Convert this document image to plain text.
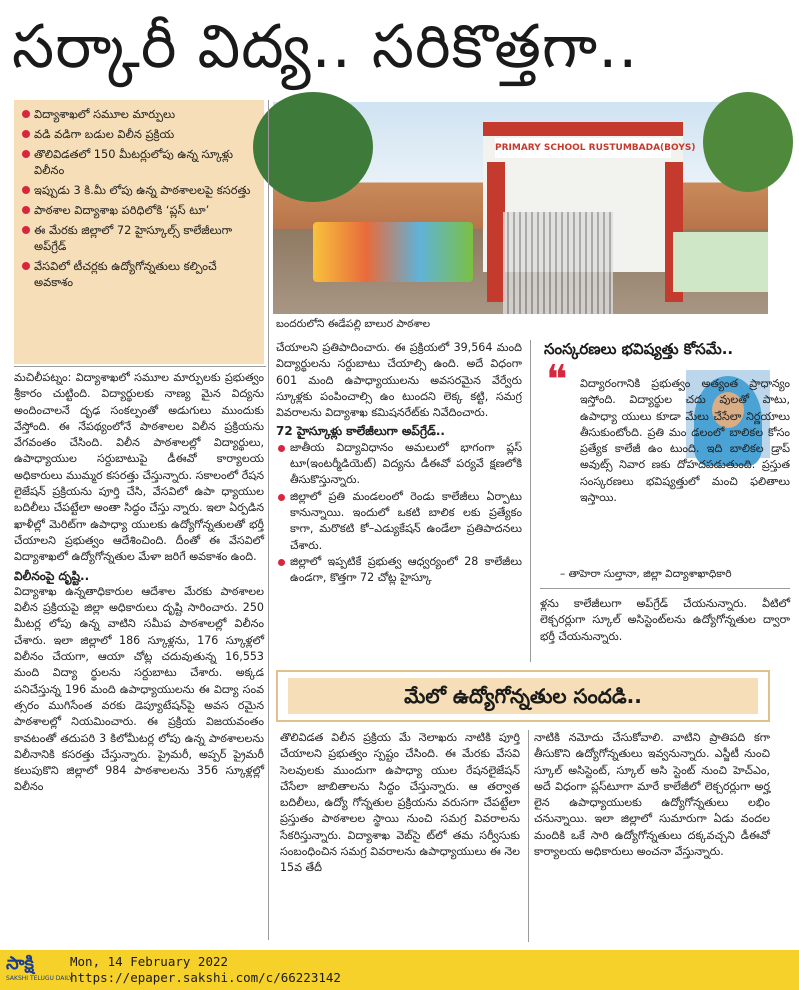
సర్కారీ విద్య.. సరికొత్తగా..
విద్యాశాఖలో సమూల మార్పులు
వడి వడిగా బడుల విలీన ప్రక్రియ
తొలివిడతలో 150 మీటర్లులోపు ఉన్న స్కూళ్లు విలీనం
ఇప్పుడు 3 కి.మీ లోపు ఉన్న పాఠశాలలపై కసరత్తు
పాఠశాల విద్యాశాఖ పరిధిలోకి ‘ప్లస్ టూ’
ఈ మేరకు జిల్లాలో 72 హైస్కూల్స్ కాలేజీలుగా అప్‌గ్రేడ్
వేసవిలో టీచర్లకు ఉద్యోగోన్నతులు కల్పించే అవకాశం
PRIMARY SCHOOL RUSTUMBADA(BOYS)
బందరులోని ఈడేపల్లి బాలుర పాఠశాల

మచిలీపట్నం: విద్యాశాఖలో సమూల మార్పులకు ప్రభుత్వం శ్రీకారం చుట్టింది. విద్యార్థులకు నాణ్య మైన విద్యను అందించాలనే దృఢ సంకల్పంతో అడుగులు ముందుకు వేస్తోంది. ఈ నేపథ్యంలోనే పాఠశాలల విలీన ప్రక్రియను వేగవంతం చేసింది. విలీన పాఠశాలల్లో విద్యార్థులు, ఉపాధ్యాయుల సర్దుబాటుపై డీఈవో కార్యాలయ అధికారులు ముమ్మర కసరత్తు చేస్తున్నారు. సకాలంలో రేషన లైజేషన్ ప్రక్రియను పూర్తి చేసి, వేసవిలో ఉపా ధ్యాయుల బదిలీలు చేపట్టేలా అంతా సిద్ధం చేస్తు న్నారు. ఇలా ఏర్పడిన ఖాళీల్లో మెరిట్‌గా ఉపాధ్యా యులకు ఉద్యోగోన్నతులతో భర్తీ చేయాలని ప్రభుత్వం ఆదేశించింది. దీంతో ఈ వేసవిలో విద్యాశాఖలో ఉద్యోగోన్నతుల మేళా జరిగే అవకాశం ఉంది.

విలీనంపై దృష్టి..

విద్యాశాఖ ఉన్నతాధికారుల ఆదేశాల మేరకు పాఠశాలల విలీన ప్రక్రియపై జిల్లా అధికారులు దృష్టి సారించారు. 250 మీటర్ల లోపు ఉన్న వాటిని సమీప పాఠశాలల్లో విలీనం చేశారు. ఇలా జిల్లాలో 186 స్కూళ్లను, 176 స్కూళ్లలో విలీనం చేయగా, ఆయా చోట్ల చదువుతున్న 16,553 మంది విద్యా ర్థులను సర్దుబాటు చేశారు. అక్కడ పనిచేస్తున్న 196 మంది ఉపాధ్యాయులను ఈ విద్యా సంవ త్సరం ముగిసేంత వరకు డెప్యూటేషన్‌పై అవస రమైన పాఠశాలల్లో నియమించారు. ఈ ప్రక్రియ విజయవంతం కావటంతో తదుపరి 3 కిలోమీటర్ల లోపు ఉన్న పాఠశాలలను విలీనానికి కసరత్తు చేస్తున్నారు. ప్రైమరీ, అప్పర్ ప్రైమరీ కలుపుకొని జిల్లాలో 984 పాఠశాలలను 356 స్కూళ్లల్లో విలీనం

చేయాలని ప్రతిపాదించారు. ఈ ప్రక్రియలో 39,564 మంది విద్యార్థులను సర్దుబాటు చేయాల్సి ఉంది. అదే విధంగా 601 మంది ఉపాధ్యాయులను అవసరమైన వేర్వేరు స్కూళ్లకు పంపించాల్సి ఉం టుందని లెక్క కట్టి, సమగ్ర వివరాలను విద్యాశాఖ కమిషనరేట్‌కు నివేదించారు.

72 హైస్కూళ్లు కాలేజీలుగా అప్‌గ్రేడ్..

జాతీయ విద్యావిధానం అమలులో భాగంగా ప్లస్ టూ(ఇంటర్మీడియెట్) విద్యను డీఈవో పర్యవే క్షణలోకి తీసుకొస్తున్నారు.
జిల్లాలో ప్రతి మండలంలో రెండు కాలేజీలు ఏర్పాటు కానున్నాయి. ఇందులో ఒకటి బాలిక లకు ప్రత్యేకం కాగా, మరొకటి కో–ఎడ్యుకేషన్ ఉండేలా ప్రతిపాదనలు చేశారు.
జిల్లాలో ఇప్పటికే ప్రభుత్వ ఆధ్వర్యంలో 28 కాలేజీలు ఉండగా, కొత్తగా 72 చోట్ల హైస్కూ
సంస్కరణలు భవిష్యత్తు కోసమే..
❝ విద్యారంగానికి ప్రభుత్వం అత్యంత ప్రాధాన్యం ఇస్తోంది. విద్యార్థుల చదు వులతో పాటు, ఉపాధ్యా యులు కూడా మేలు చేసేలా నిర్ణయాలు తీసుకుంటోంది. ప్రతి మం డలంలో బాలికల కోసం ప్రత్యేక కాలేజీ ఉం టుంది. ఇది బాలికల డ్రాప్ అవుట్స్ నివార ణకు దోహదపడుతుంది. ప్రస్తుత సంస్కరణలు భవిష్యత్తులో మంచి ఫలితాలు ఇస్తాయి.

– తాహెరా సుల్తానా, జిల్లా విద్యాశాఖాధికారి

ళ్లను కాలేజీలుగా అప్‌గ్రేడ్ చేయనున్నారు. వీటిలో లెక్చరర్లుగా స్కూల్ అసిస్టెంట్‌లను ఉద్యోగోన్నతుల ద్వారా భర్తీ చేయనున్నారు.

మేలో ఉద్యోగోన్నతుల సందడి..

తొలివిడత విలీన ప్రక్రియ మే నెలాఖరు నాటికి పూర్తి చేయాలని ప్రభుత్వం స్పష్టం చేసింది. ఈ మేరకు వేసవి సెలవులకు ముందుగా ఉపాధ్యా యుల రేషనలైజేషన్ చేసేలా జాబితాలను సిద్ధం చేస్తున్నారు. ఆ తర్వాత బదిలీలు, ఉద్యో గోన్నతుల ప్రక్రియను వరుసగా చేపట్టేలా ప్రస్తుతం పాఠశాలల స్థాయి నుంచి సమగ్ర వివరాలను సేకరిస్తున్నారు. విద్యాశాఖ వెబ్‌సై ట్‌లో తమ సర్వీసుకు సంబంధించిన సమగ్ర వివరాలను ఉపాధ్యాయులు ఈ నెల 15వ తేదీ

నాటికి నమోదు చేసుకోవాలి. వాటిని ప్రాతిపది కగా తీసుకొని ఉద్యోగోన్నతులు ఇవ్వనున్నారు. ఎస్జీటీ నుంచి స్కూల్ అసిస్టెంట్, స్కూల్ అసి స్టెంట్ నుంచి హెచ్‌ఎం, అదే విధంగా ప్లస్‌టూగా మారే కాలేజీలో లెక్చరర్లుగా అర్హ లైన ఉపాధ్యాయులకు ఉద్యోగోన్నతులు లభిం చనున్నాయి. ఇలా జిల్లాలో సుమారుగా ఏడు వందల మందికి ఒకే సారి ఉద్యోగోన్నతులు దక్కవచ్చని డీఈవో కార్యాలయ అధికారులు అంచనా వేస్తున్నారు.

సాక్షి
SAKSHI TELUGU DAILY
Mon, 14 February 2022
https://epaper.sakshi.com/c/66223142
